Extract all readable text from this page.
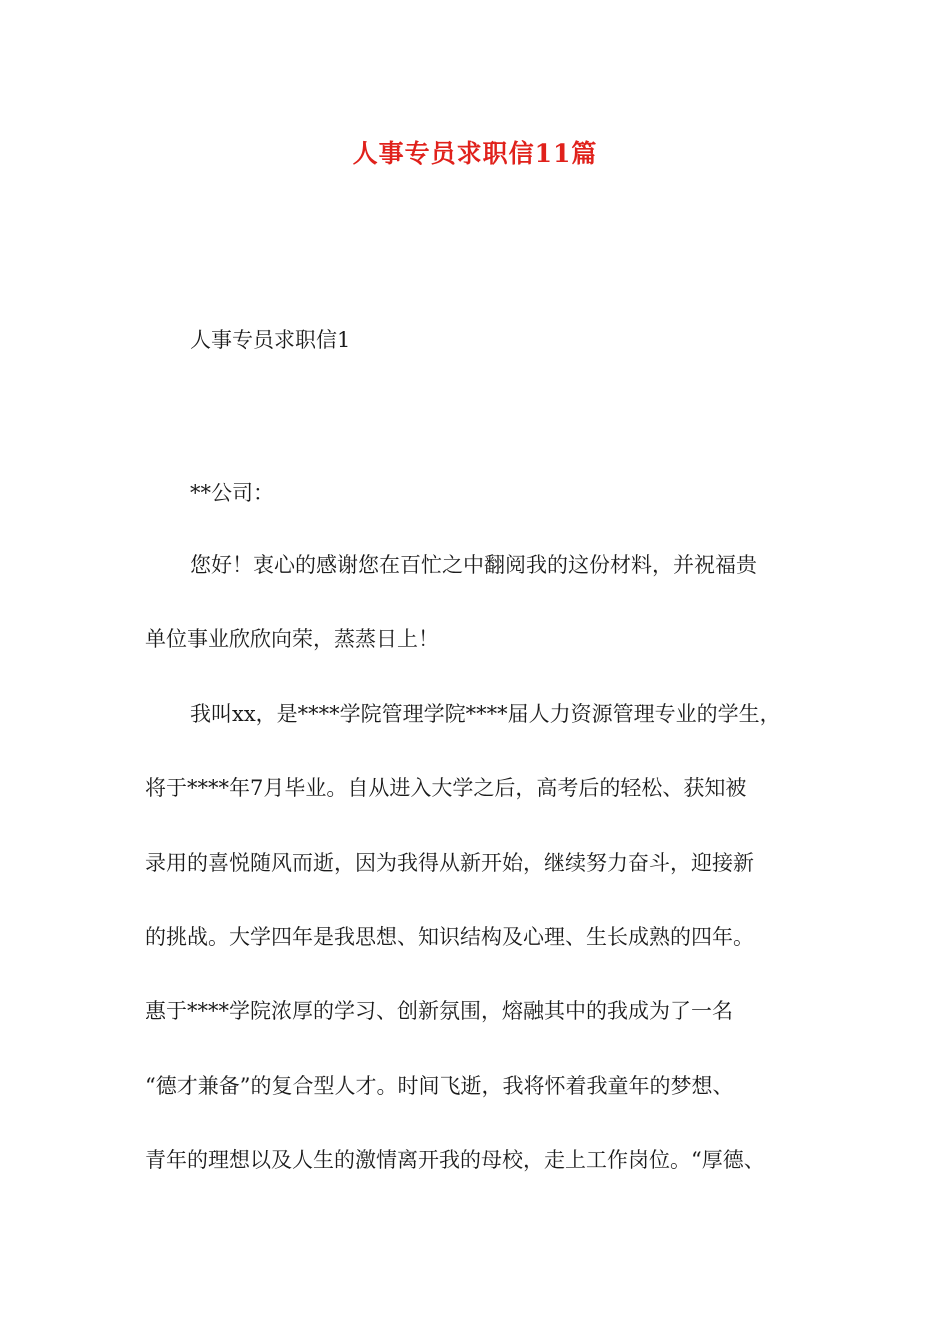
人事专员求职信11篇
人事专员求职信1
**公司：
您好！衷心的感谢您在百忙之中翻阅我的这份材料，并祝福贵
单位事业欣欣向荣，蒸蒸日上！
我叫xx，是****学院管理学院****届人力资源管理专业的学生，
将于****年7月毕业。自从进入大学之后，高考后的轻松、获知被
录用的喜悦随风而逝，因为我得从新开始，继续努力奋斗，迎接新
的挑战。大学四年是我思想、知识结构及心理、生长成熟的四年。
惠于****学院浓厚的学习、创新氛围，熔融其中的我成为了一名
“德才兼备”的复合型人才。时间飞逝，我将怀着我童年的梦想、
青年的理想以及人生的激情离开我的母校，走上工作岗位。“厚德、
